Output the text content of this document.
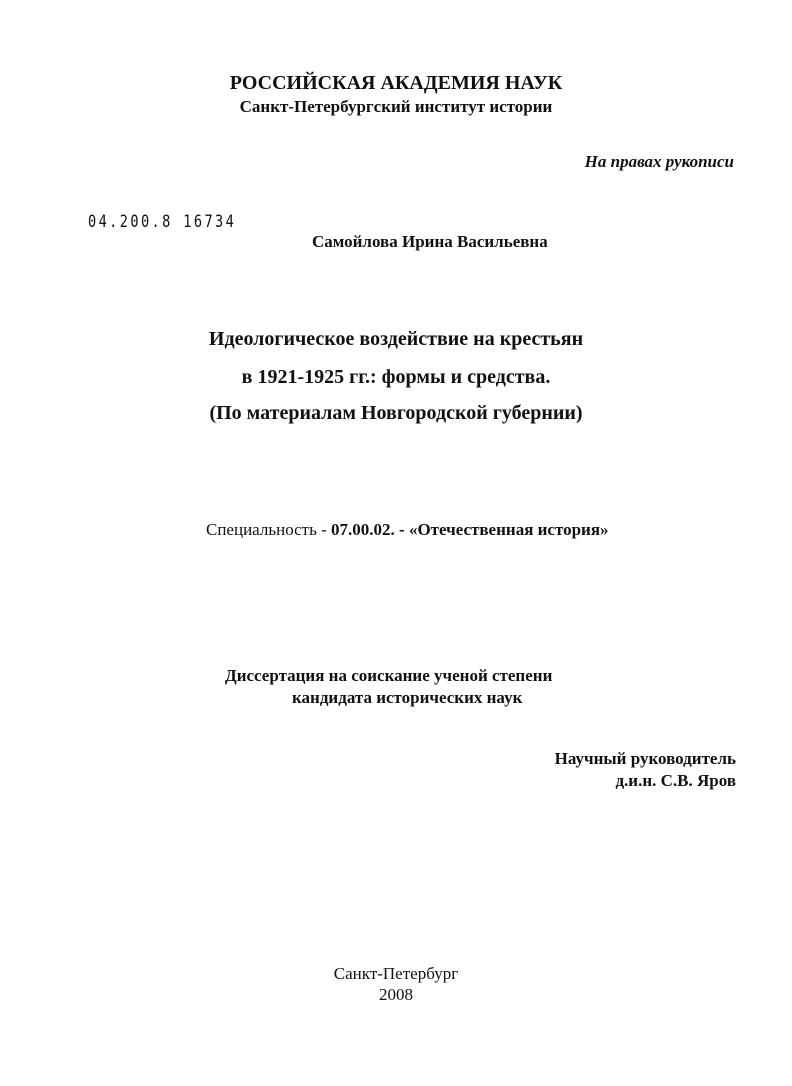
РОССИЙСКАЯ АКАДЕМИЯ НАУК
Санкт-Петербургский институт истории
На правах рукописи
04.200.8 16734
Самойлова Ирина Васильевна
Идеологическое воздействие на крестьян
в 1921-1925 гг.: формы и средства.
(По материалам Новгородской губернии)
Специальность - 07.00.02. - «Отечественная история»
Диссертация на соискание ученой степени
кандидата исторических наук
Научный руководитель
д.и.н. С.В. Яров
Санкт-Петербург
2008
